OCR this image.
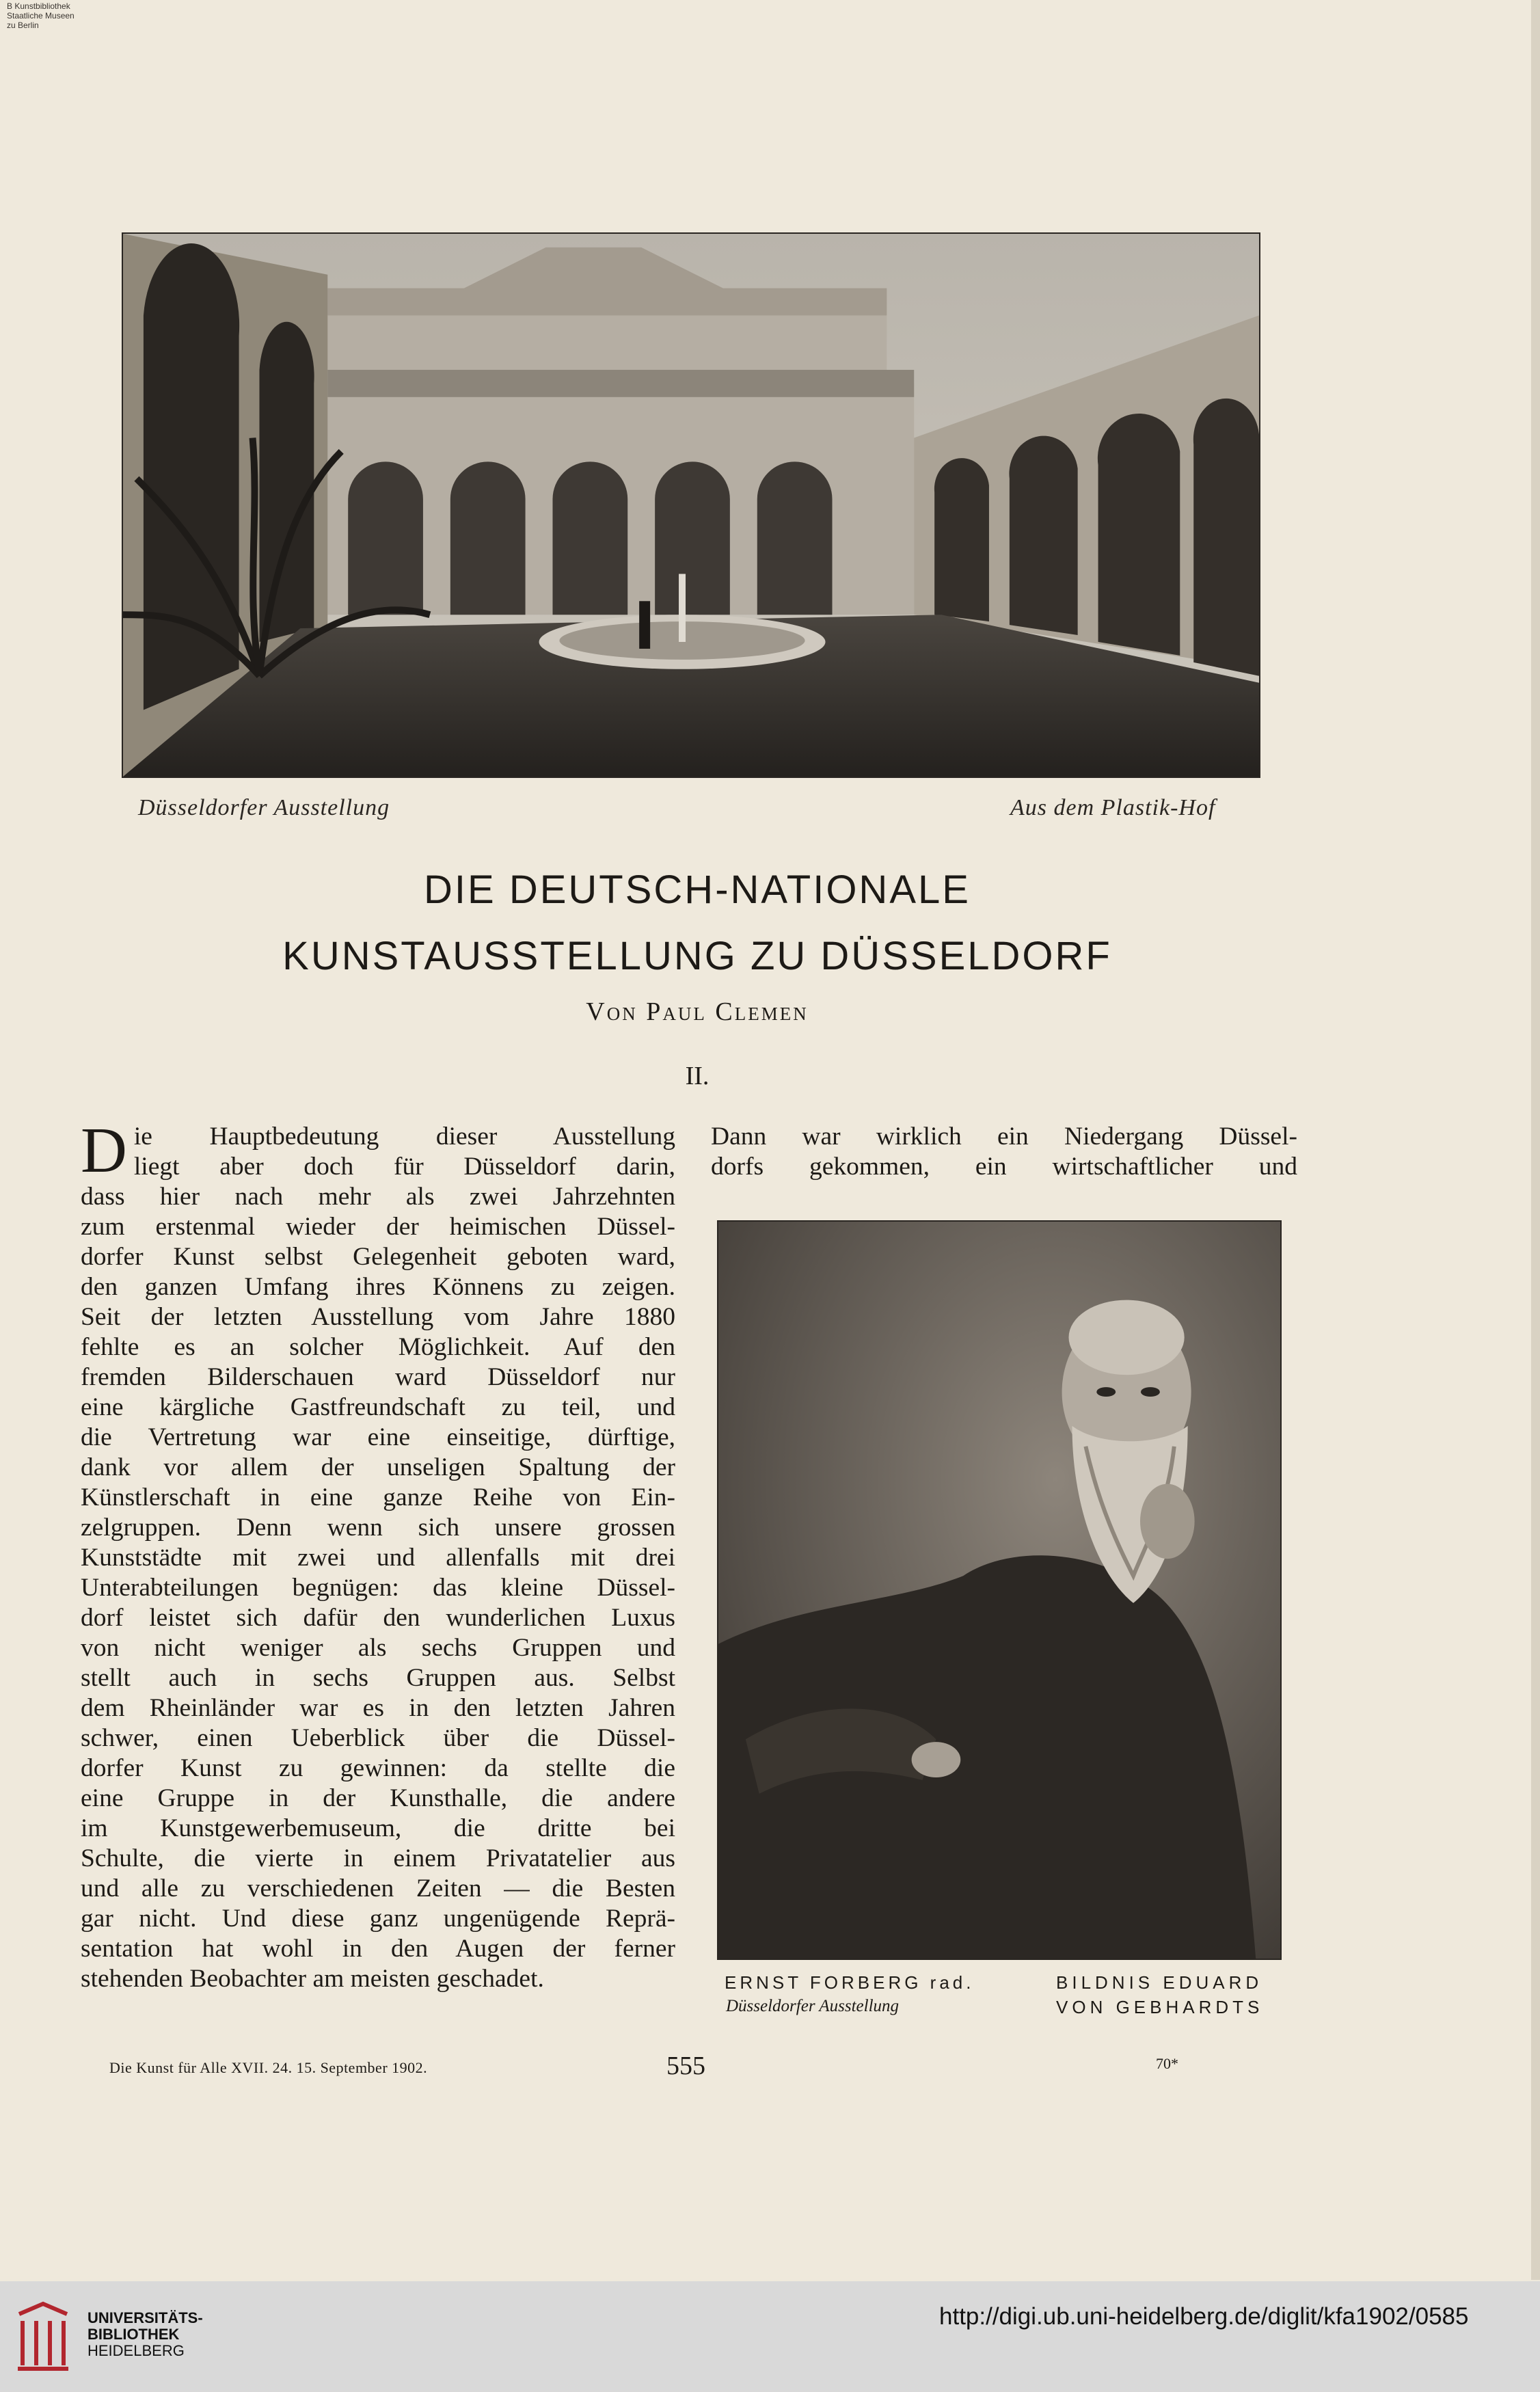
B Kunstbibliothek
Staatliche Museen
zu Berlin
Düsseldorfer Ausstellung	Aus dem Plastik-Hof
DIE DEUTSCH-NATIONALE
KUNSTAUSSTELLUNG ZU DÜSSELDORF
Von Paul Clemen
II.
D ie Hauptbedeutung dieser Ausstellung
liegt aber doch für Düsseldorf darin,
dass hier nach mehr als zwei Jahrzehnten
zum erstenmal wieder der heimischen Düssel-
dorfer Kunst selbst Gelegenheit geboten ward,
den ganzen Umfang ihres Könnens zu zeigen.
Seit der letzten Ausstellung vom Jahre 1880
fehlte es an solcher Möglichkeit. Auf den
fremden Bilderschauen ward Düsseldorf nur
eine kärgliche Gastfreundschaft zu teil, und
die Vertretung war eine einseitige, dürftige,
dank vor allem der unseligen Spaltung der
Künstlerschaft in eine ganze Reihe von Ein-
zelgruppen. Denn wenn sich unsere grossen
Kunststädte mit zwei und allenfalls mit drei
Unterabteilungen begnügen: das kleine Düssel-
dorf leistet sich dafür den wunderlichen Luxus
von nicht weniger als sechs Gruppen und
stellt auch in sechs Gruppen aus. Selbst
dem Rheinländer war es in den letzten Jahren
schwer, einen Ueberblick über die Düssel-
dorfer Kunst zu gewinnen: da stellte die
eine Gruppe in der Kunsthalle, die andere
im Kunstgewerbemuseum, die dritte bei
Schulte, die vierte in einem Privatatelier aus
und alle zu verschiedenen Zeiten — die Besten
gar nicht. Und diese ganz ungenügende Reprä-
sentation hat wohl in den Augen der ferner
stehenden Beobachter am meisten geschadet.
Dann war wirklich ein Niedergang Düssel-
dorfs gekommen, ein wirtschaftlicher und
ERNST FORBERG rad.
Düsseldorfer Ausstellung
BILDNIS EDUARD
VON GEBHARDTS
Die Kunst für Alle XVII. 24. 15. September 1902.	555	70*
UNIVERSITÄTS-
BIBLIOTHEK
HEIDELBERG
http://digi.ub.uni-heidelberg.de/diglit/kfa1902/0585
